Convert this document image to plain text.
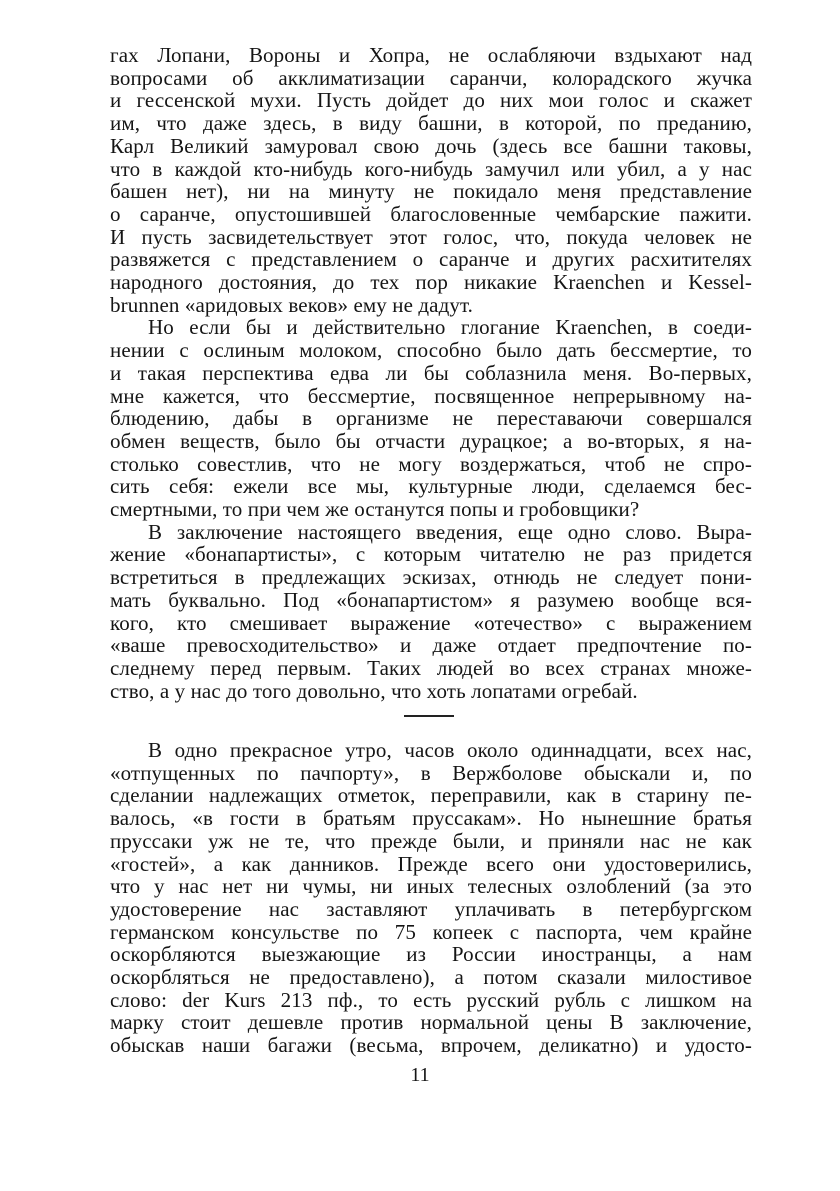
гах Лопани, Вороны и Хопра, не ослабляючи вздыхают над
вопросами об акклиматизации саранчи, колорадского жучка
и гессенской мухи. Пусть дойдет до них мои голос и скажет
им, что даже здесь, в виду башни, в которой, по преданию,
Карл Великий замуровал свою дочь (здесь все башни таковы,
что в каждой кто-нибудь кого-нибудь замучил или убил, а у нас
башен нет), ни на минуту не покидало меня представление
о саранче, опустошившей благословенные чембарские пажити.
И пусть засвидетельствует этот голос, что, покуда человек не
развяжется с представлением о саранче и других расхитителях
народного достояния, до тех пор никакие Kraenchen и Kessel-
brunnen «аридовых веков» ему не дадут.
Но если бы и действительно глогание Kraenchen, в соеди-
нении с ослиным молоком, способно было дать бессмертие, то
и такая перспектива едва ли бы соблазнила меня. Во-первых,
мне кажется, что бессмертие, посвященное непрерывному на-
блюдению, дабы в организме не переставаючи совершался
обмен веществ, было бы отчасти дурацкое; а во-вторых, я на-
столько совестлив, что не могу воздержаться, чтоб не спро-
сить себя: ежели все мы, культурные люди, сделаемся бес-
смертными, то при чем же останутся попы и гробовщики?
В заключение настоящего введения, еще одно слово. Выра-
жение «бонапартисты», с которым читателю не раз придется
встретиться в предлежащих эскизах, отнюдь не следует пони-
мать буквально. Под «бонапартистом» я разумею вообще вся-
кого, кто смешивает выражение «отечество» с выражением
«ваше превосходительство» и даже отдает предпочтение по-
следнему перед первым. Таких людей во всех странах множе-
ство, а у нас до того довольно, что хоть лопатами огребай.
В одно прекрасное утро, часов около одиннадцати, всех нас,
«отпущенных по пачпорту», в Вержболове обыскали и, по
сделании надлежащих отметок, переправили, как в старину пе-
валось, «в гости в братьям пруссакам». Но нынешние братья
пруссаки уж не те, что прежде были, и приняли нас не как
«гостей», а как данников. Прежде всего они удостоверились,
что у нас нет ни чумы, ни иных телесных озлоблений (за это
удостоверение нас заставляют уплачивать в петербургском
германском консульстве по 75 копеек с паспорта, чем крайне
оскорбляются выезжающие из России иностранцы, а нам
оскорбляться не предоставлено), а потом сказали милостивое
слово: der Kurs 213 пф., то есть русский рубль с лишком на
марку стоит дешевле против нормальной цены В заключение,
обыскав наши багажи (весьма, впрочем, деликатно) и удосто-
11
